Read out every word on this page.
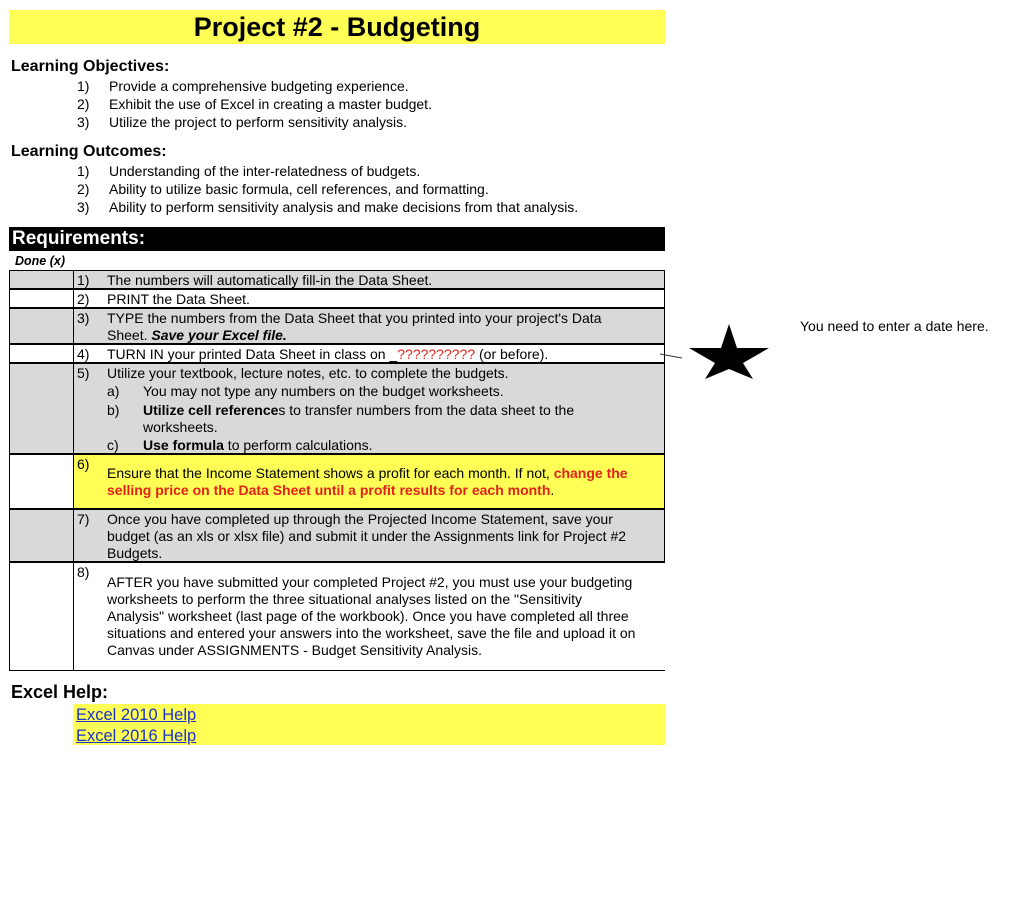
Project #2 - Budgeting
Learning Objectives:
1) Provide a comprehensive budgeting experience.
2) Exhibit the use of Excel in creating a master budget.
3) Utilize the project to perform sensitivity analysis.
Learning Outcomes:
1) Understanding of the inter-relatedness of budgets.
2) Ability to utilize basic formula, cell references, and formatting.
3) Ability to perform sensitivity analysis and make decisions from that analysis.
Requirements:
Done (x)
1) The numbers will automatically fill-in the Data Sheet.
2) PRINT the Data Sheet.
3) TYPE the numbers from the Data Sheet that you printed into your project's Data
Sheet. Save your Excel file.
4) TURN IN your printed Data Sheet in class on _?????????? (or before).
5) Utilize your textbook, lecture notes, etc. to complete the budgets.
a) You may not type any numbers on the budget worksheets.
b) Utilize cell references to transfer numbers from the data sheet to the
worksheets.
c) Use formula to perform calculations.
6)
Ensure that the Income Statement shows a profit for each month. If not, change the
selling price on the Data Sheet until a profit results for each month.
7) Once you have completed up through the Projected Income Statement, save your
budget (as an xls or xlsx file) and submit it under the Assignments link for Project #2
Budgets.
8)
AFTER you have submitted your completed Project #2, you must use your budgeting
worksheets to perform the three situational analyses listed on the "Sensitivity
Analysis" worksheet (last page of the workbook). Once you have completed all three
situations and entered your answers into the worksheet, save the file and upload it on
Canvas under ASSIGNMENTS - Budget Sensitivity Analysis.
Excel Help:
Excel 2010 Help
Excel 2016 Help
You need to enter a date here.
